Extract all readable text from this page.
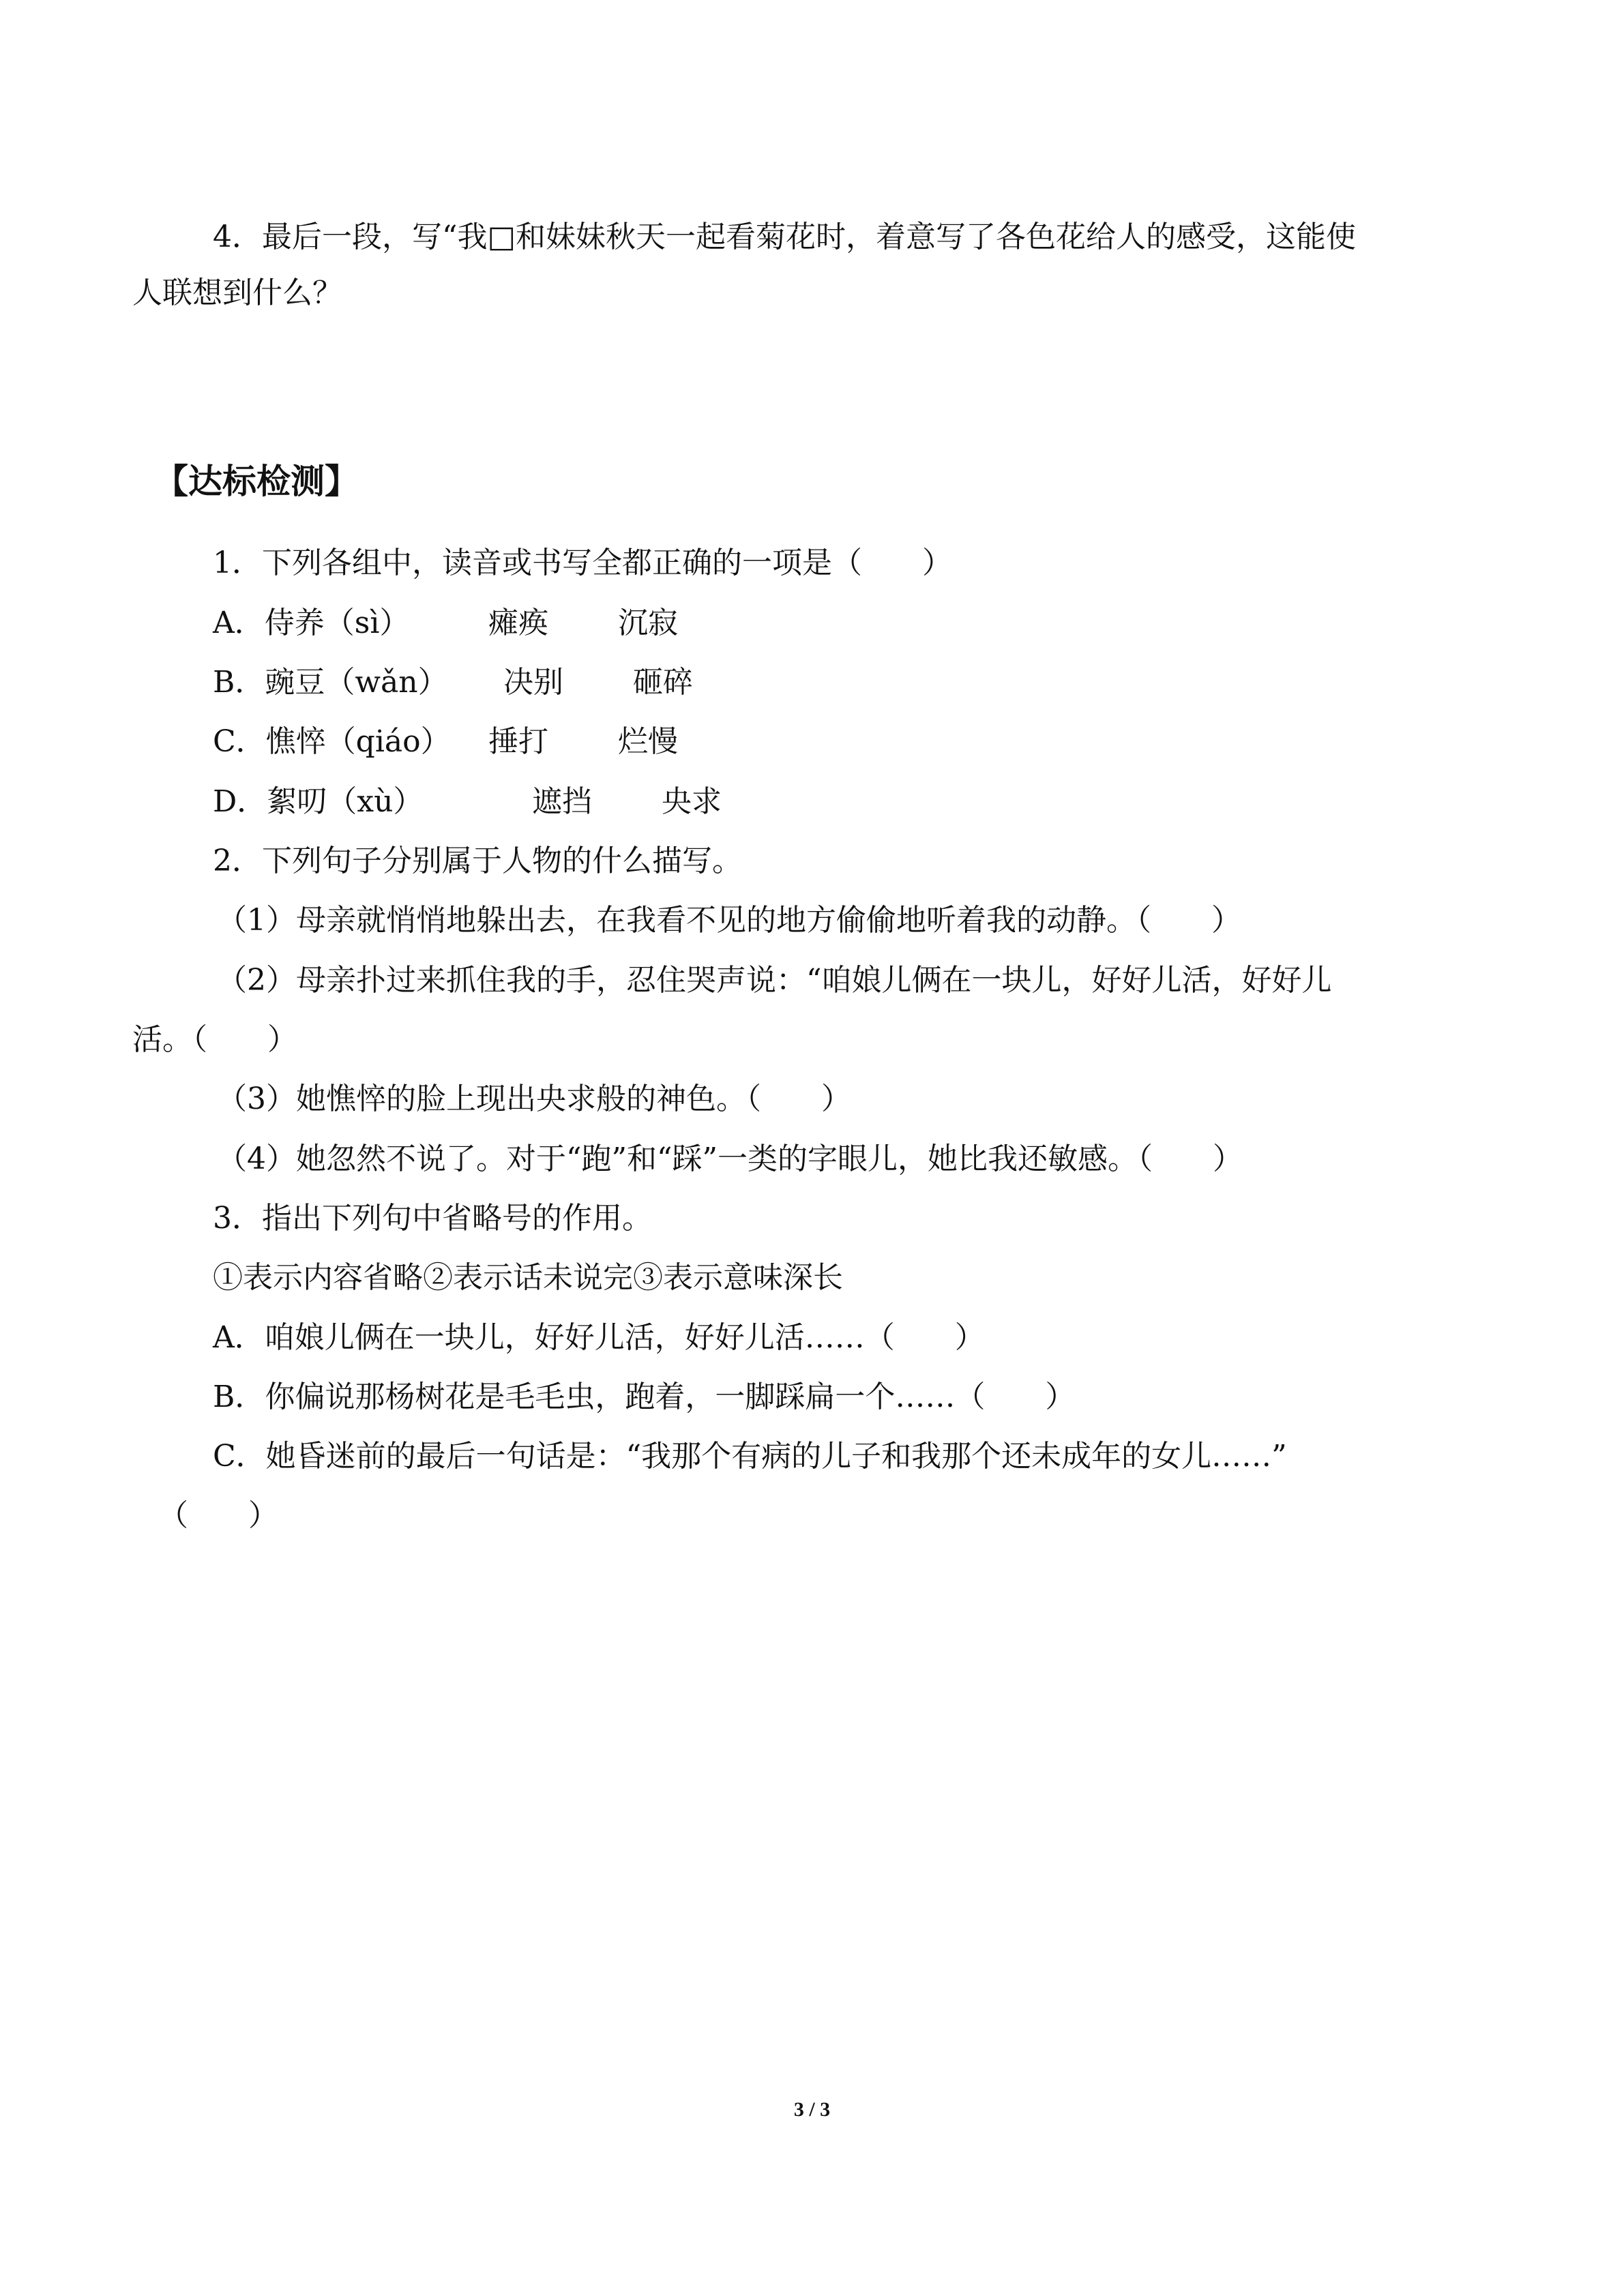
4．最后一段，写“我□和妹妹秋天一起看菊花时，着意写了各色花给人的感受，这能使
人联想到什么？
【达标检测】
1．下列各组中，读音或书写全都正确的一项是（　　）
A．侍养（sì）	瘫痪 沉寂
B．豌豆（wǎn） 决别 砸碎
C．憔悴（qiáo） 捶打 烂慢
D．絮叨（xù）	遮挡 央求
2．下列句子分别属于人物的什么描写。
（1）母亲就悄悄地躲出去，在我看不见的地方偷偷地听着我的动静。（　　）
（2）母亲扑过来抓住我的手，忍住哭声说：“咱娘儿俩在一块儿，好好儿活，好好儿
活。（　　）
（3）她憔悴的脸上现出央求般的神色。（　　）
（4）她忽然不说了。对于“跑”和“踩”一类的字眼儿，她比我还敏感。（　　）
3．指出下列句中省略号的作用。
①表示内容省略②表示话未说完③表示意味深长
A．咱娘儿俩在一块儿，好好儿活，好好儿活……（　　）
B．你偏说那杨树花是毛毛虫，跑着，一脚踩扁一个……（　　）
C．她昏迷前的最后一句话是：“我那个有病的儿子和我那个还未成年的女儿……”
（　　）
3 / 3
